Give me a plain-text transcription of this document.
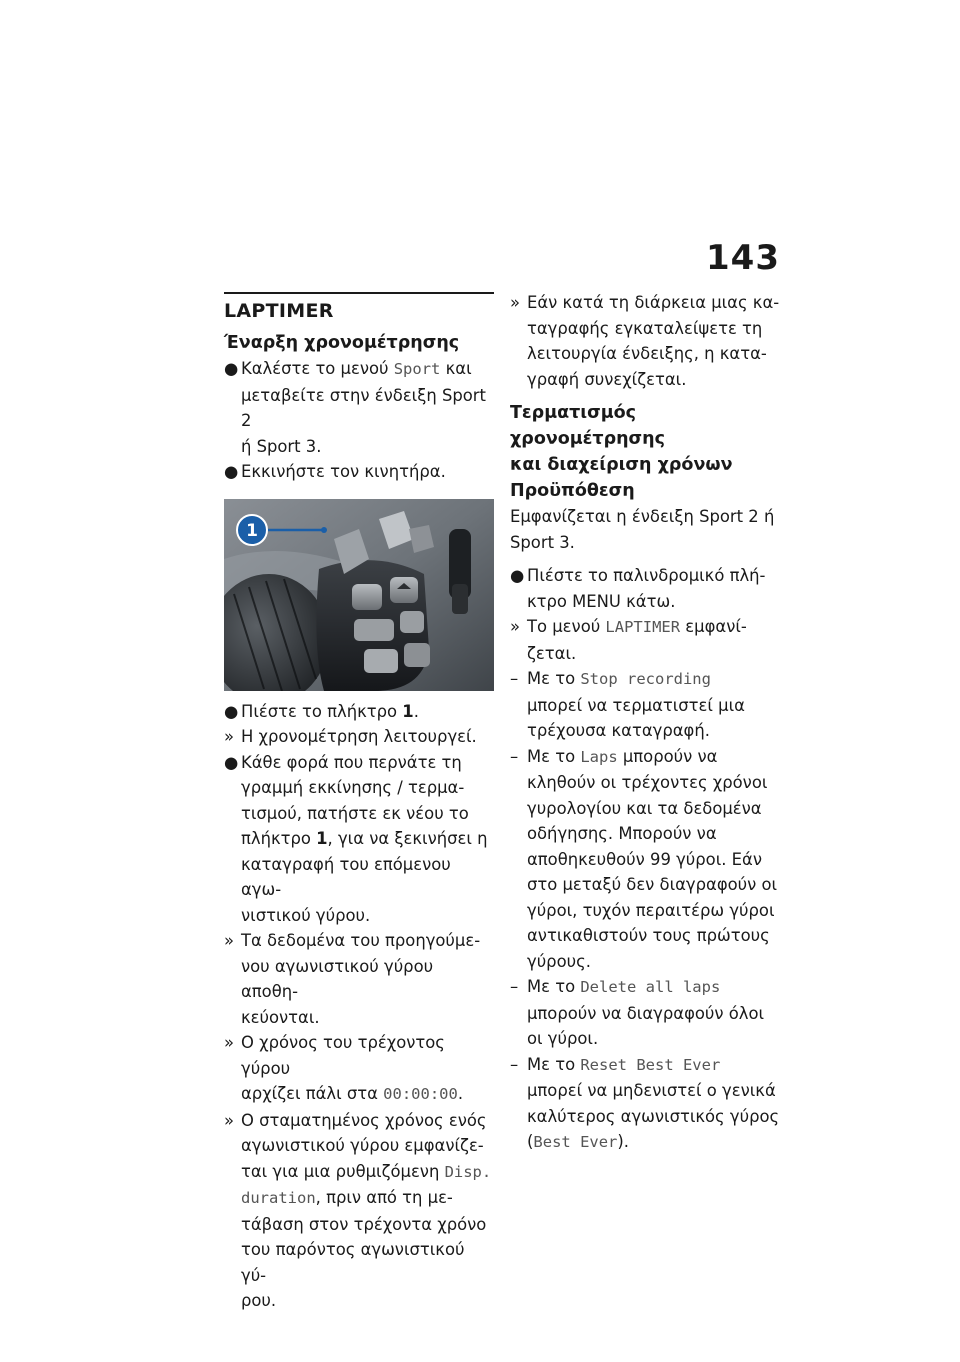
143
LAPTIMER
Έναρξη χρονομέτρησης
● Καλέστε το μενού Sport και
μεταβείτε στην ένδειξη Sport 2
ή Sport 3.
● Εκκινήστε τον κινητήρα.
1
● Πιέστε το πλήκτρο 1.
» Η χρονομέτρηση λειτουργεί.
● Κάθε φορά που περνάτε τη
γραμμή εκκίνησης / τερμα-
τισμού, πατήστε εκ νέου το
πλήκτρο 1, για να ξεκινήσει η
καταγραφή του επόμενου αγω-
νιστικού γύρου.
» Τα δεδομένα του προηγούμε-
νου αγωνιστικού γύρου αποθη-
κεύονται.
» Ο χρόνος του τρέχοντος γύρου
αρχίζει πάλι στα 00:00:00.
» Ο σταματημένος χρόνος ενός
αγωνιστικού γύρου εμφανίζε-
ται για μια ρυθμιζόμενη Disp.
duration, πριν από τη με-
τάβαση στον τρέχοντα χρόνο
του παρόντος αγωνιστικού γύ-
ρου.
» Εάν κατά τη διάρκεια μιας κα-
ταγραφής εγκαταλείψετε τη
λειτουργία ένδειξης, η κατα-
γραφή συνεχίζεται.
Τερματισμός χρονομέτρησης
και διαχείριση χρόνων
Προϋπόθεση
Εμφανίζεται η ένδειξη Sport 2 ή
Sport 3.
● Πιέστε το παλινδρομικό πλή-
κτρο MENU κάτω.
» Το μενού LAPTIMER εμφανί-
ζεται.
– Με το Stop recording
μπορεί να τερματιστεί μια
τρέχουσα καταγραφή.
– Με το Laps μπορούν να
κληθούν οι τρέχοντες χρόνοι
γυρολογίου και τα δεδομένα
οδήγησης. Μπορούν να
αποθηκευθούν 99 γύροι. Εάν
στο μεταξύ δεν διαγραφούν οι
γύροι, τυχόν περαιτέρω γύροι
αντικαθιστούν τους πρώτους
γύρους.
– Με το Delete all laps
μπορούν να διαγραφούν όλοι
οι γύροι.
– Με το Reset Best Ever
μπορεί να μηδενιστεί ο γενικά
καλύτερος αγωνιστικός γύρος
(Best Ever).
